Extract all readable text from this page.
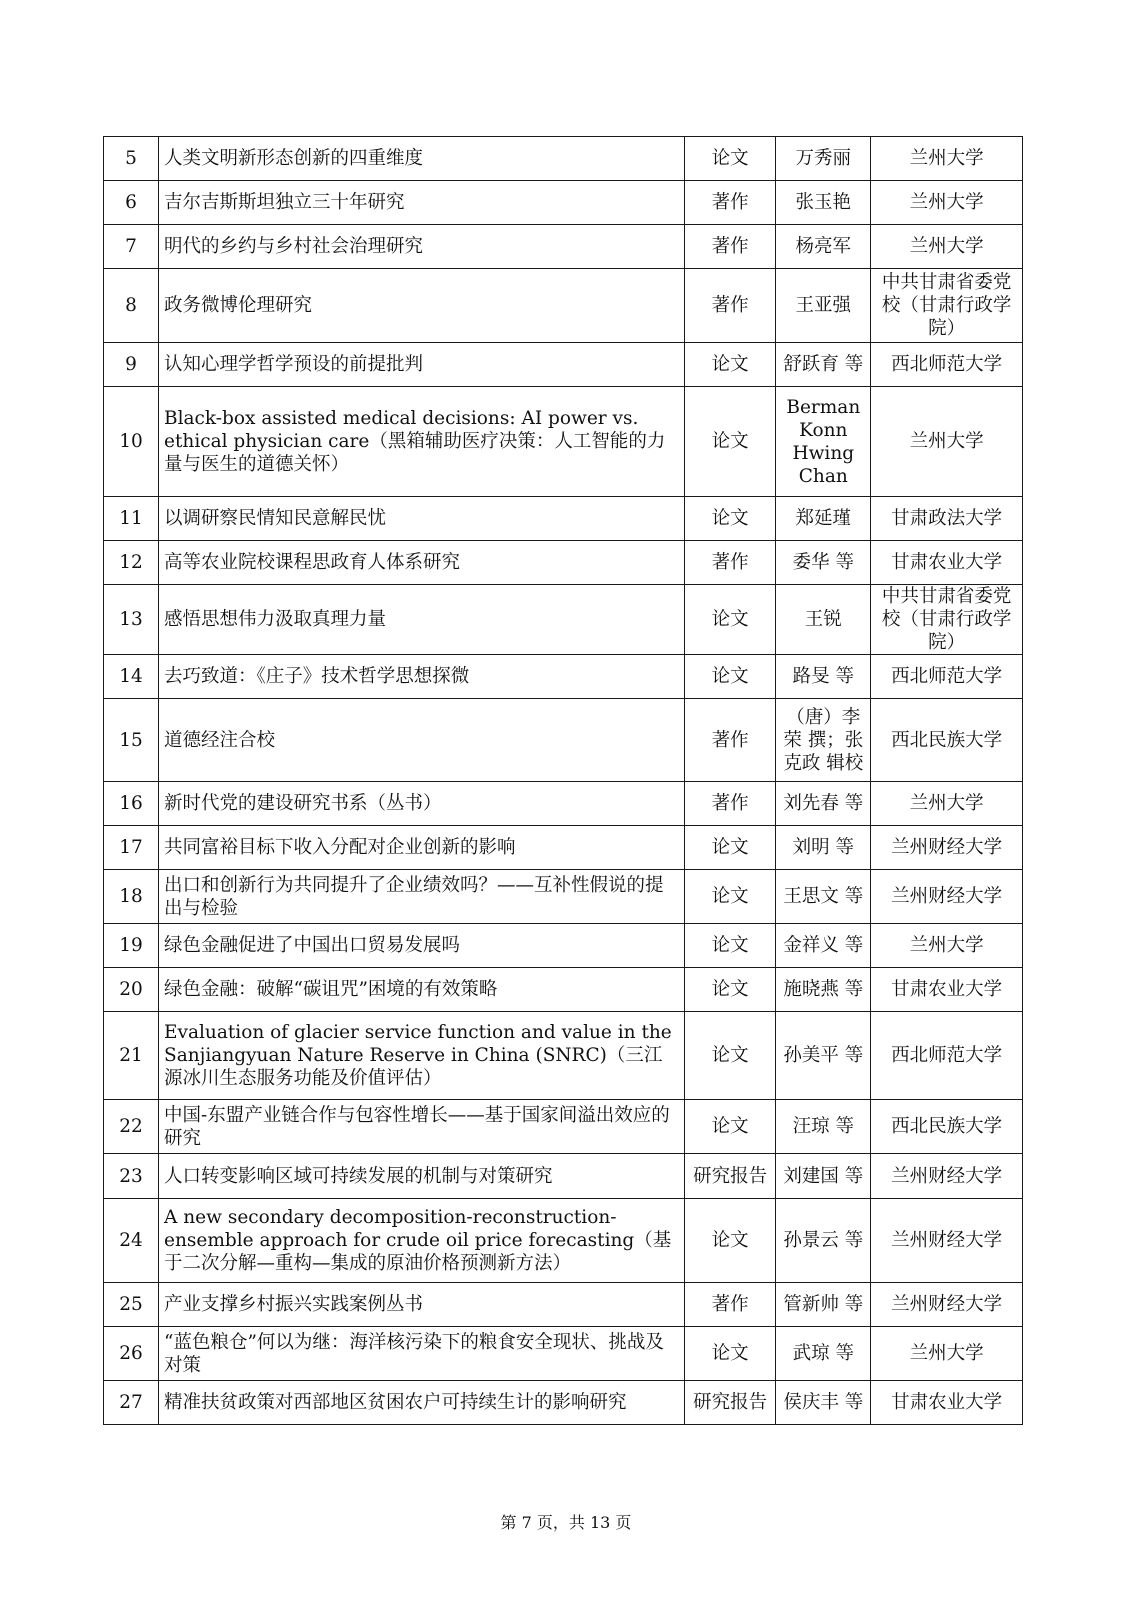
5	人类文明新形态创新的四重维度	论文	万秀丽	兰州大学
6	吉尔吉斯斯坦独立三十年研究	著作	张玉艳	兰州大学
7	明代的乡约与乡村社会治理研究	著作	杨亮军	兰州大学
8	政务微博伦理研究	著作	王亚强	中共甘肃省委党校（甘肃行政学院）
9	认知心理学哲学预设的前提批判	论文	舒跃育 等	西北师范大学
10	Black-box assisted medical decisions: AI power vs. ethical physician care（黑箱辅助医疗决策：人工智能的力量与医生的道德关怀）	论文	Berman Konn Hwing Chan	兰州大学
11	以调研察民情知民意解民忧	论文	郑延瑾	甘肃政法大学
12	高等农业院校课程思政育人体系研究	著作	委华 等	甘肃农业大学
13	感悟思想伟力汲取真理力量	论文	王锐	中共甘肃省委党校（甘肃行政学院）
14	去巧致道：《庄子》技术哲学思想探微	论文	路旻 等	西北师范大学
15	道德经注合校	著作	（唐）李荣 撰；张克政 辑校	西北民族大学
16	新时代党的建设研究书系（丛书）	著作	刘先春 等	兰州大学
17	共同富裕目标下收入分配对企业创新的影响	论文	刘明 等	兰州财经大学
18	出口和创新行为共同提升了企业绩效吗？——互补性假说的提出与检验	论文	王思文 等	兰州财经大学
19	绿色金融促进了中国出口贸易发展吗	论文	金祥义 等	兰州大学
20	绿色金融：破解“碳诅咒”困境的有效策略	论文	施晓燕 等	甘肃农业大学
21	Evaluation of glacier service function and value in the Sanjiangyuan Nature Reserve in China (SNRC)（三江源冰川生态服务功能及价值评估）	论文	孙美平 等	西北师范大学
22	中国-东盟产业链合作与包容性增长——基于国家间溢出效应的研究	论文	汪琼 等	西北民族大学
23	人口转变影响区域可持续发展的机制与对策研究	研究报告	刘建国 等	兰州财经大学
24	A new secondary decomposition-reconstruction-ensemble approach for crude oil price forecasting（基于二次分解—重构—集成的原油价格预测新方法）	论文	孙景云 等	兰州财经大学
25	产业支撑乡村振兴实践案例丛书	著作	管新帅 等	兰州财经大学
26	“蓝色粮仓”何以为继：海洋核污染下的粮食安全现状、挑战及对策	论文	武琼 等	兰州大学
27	精准扶贫政策对西部地区贫困农户可持续生计的影响研究	研究报告	侯庆丰 等	甘肃农业大学
第 7 页，共 13 页
